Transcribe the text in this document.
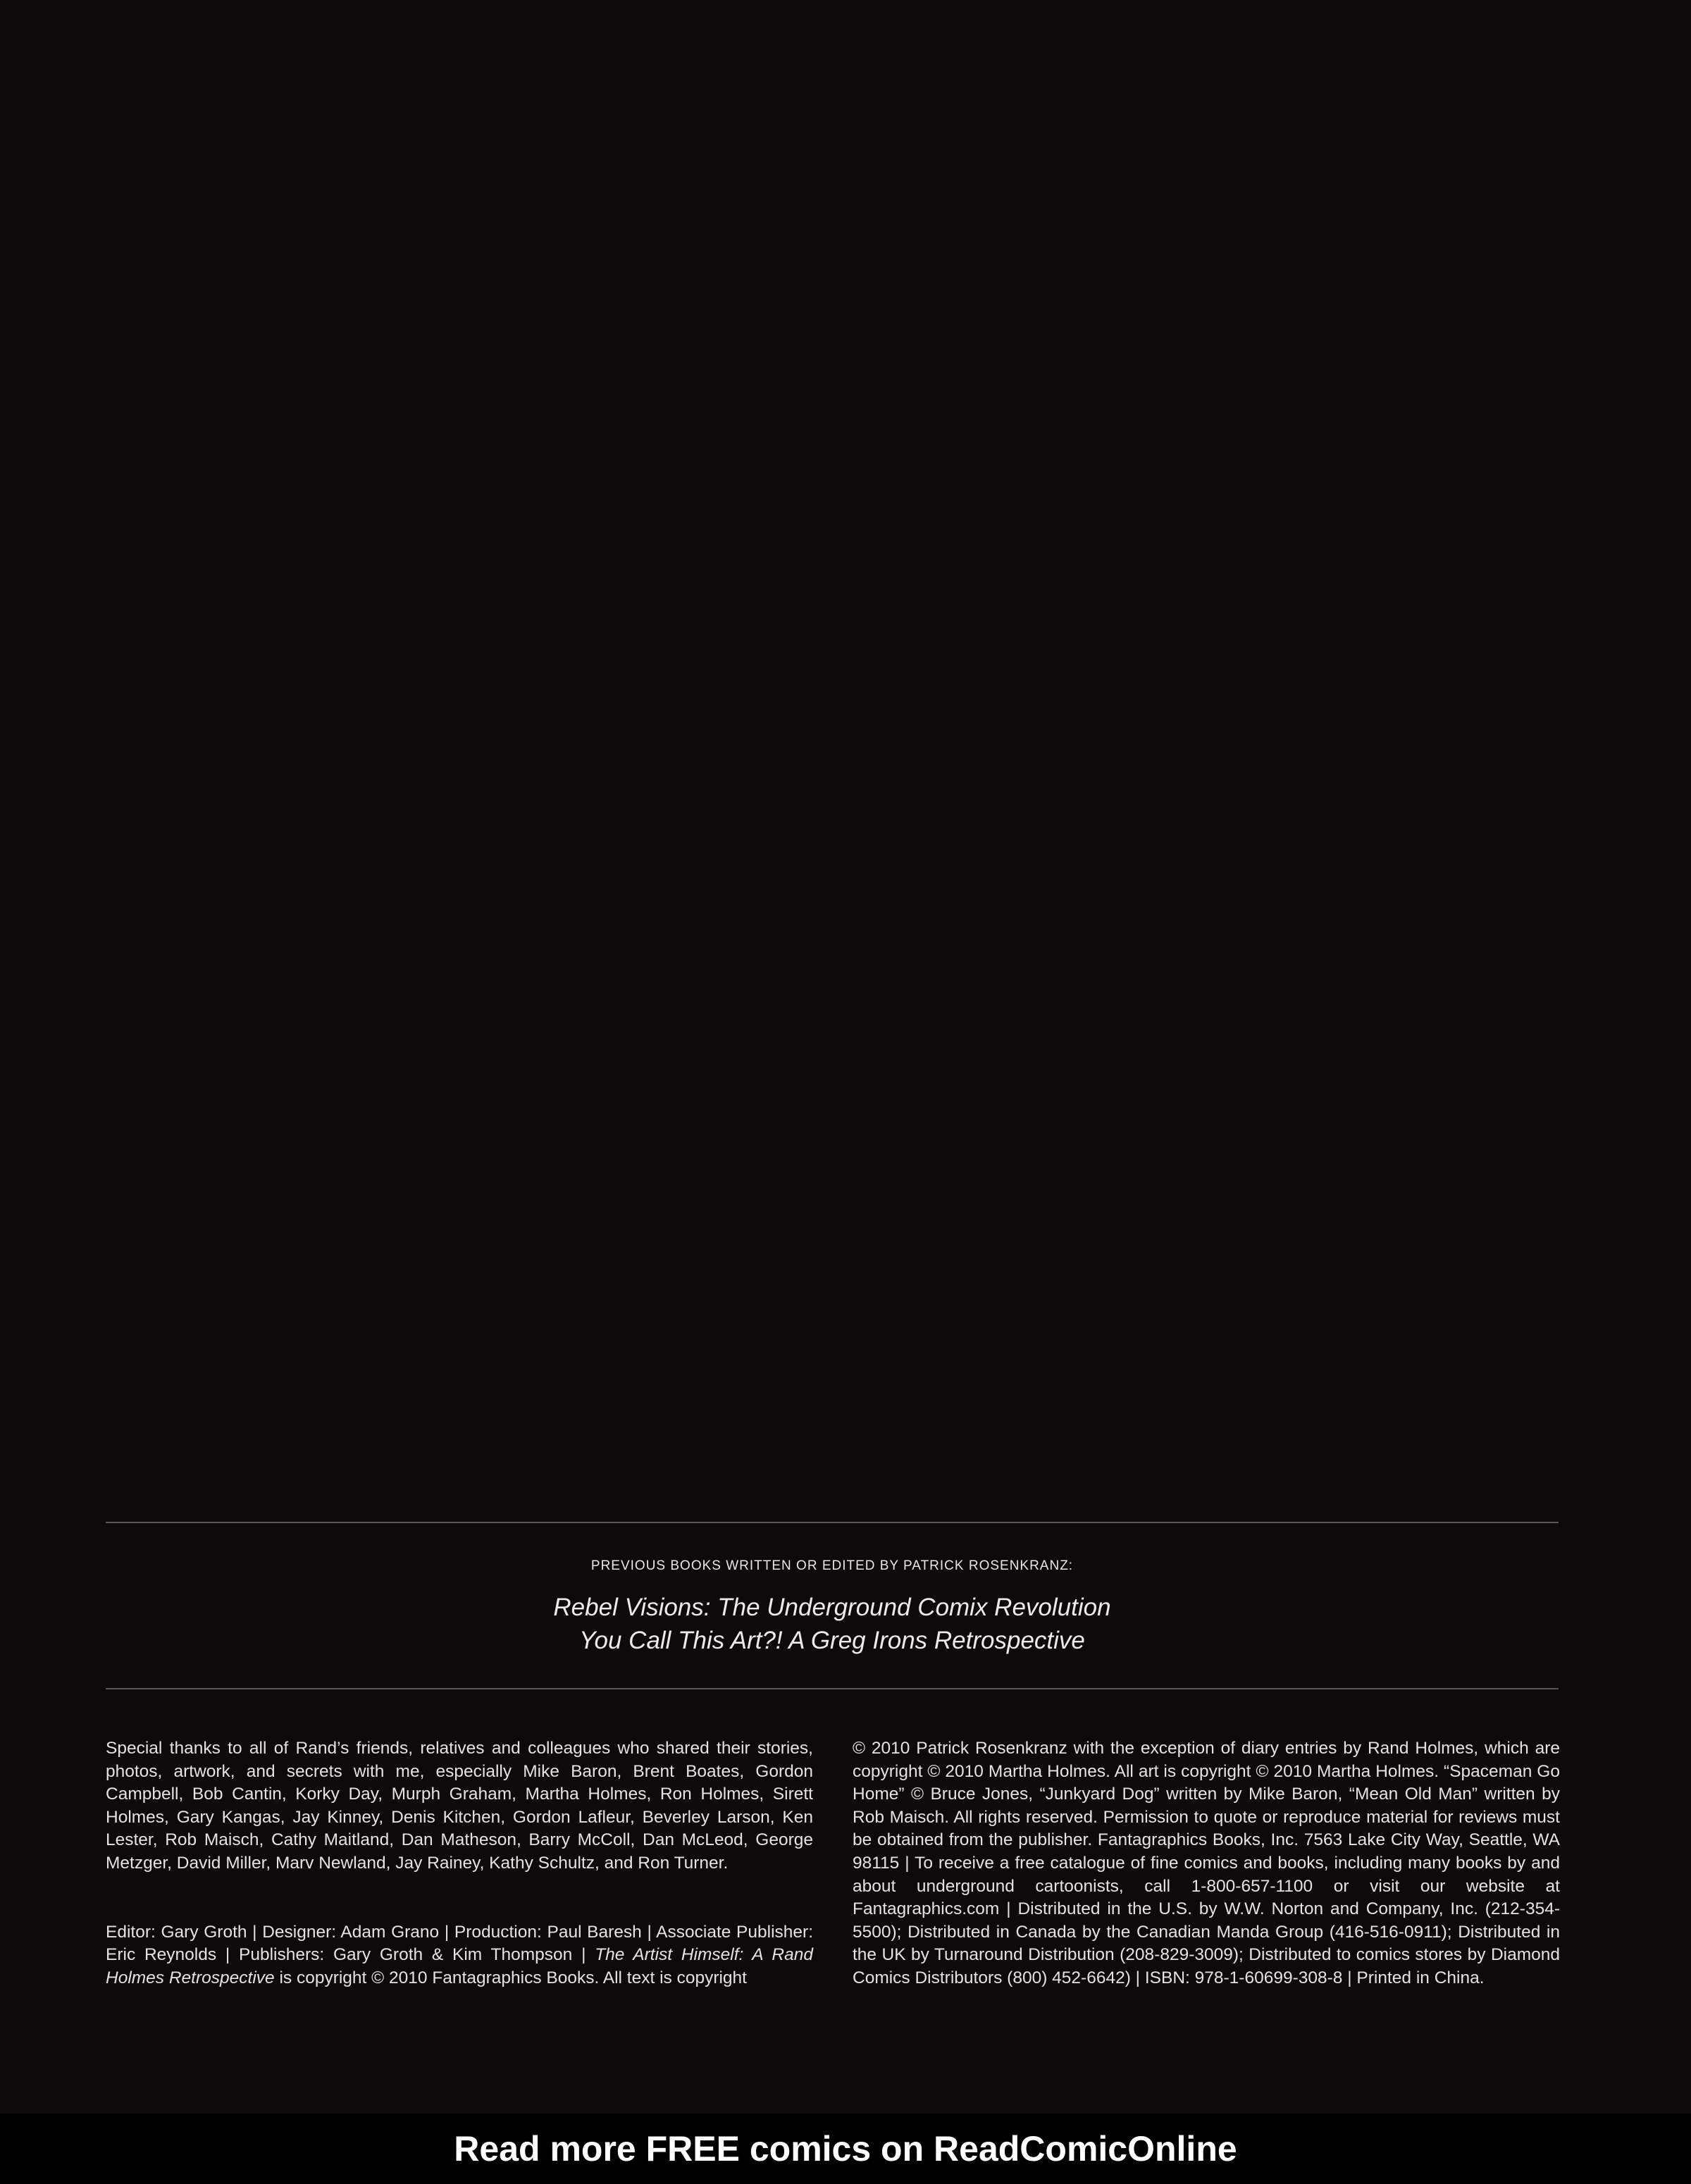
PREVIOUS BOOKS WRITTEN OR EDITED BY PATRICK ROSENKRANZ:
Rebel Visions: The Underground Comix Revolution
You Call This Art?! A Greg Irons Retrospective

Special thanks to all of Rand’s friends, relatives and colleagues who shared their stories, photos, artwork, and secrets with me, especially Mike Baron, Brent Boates, Gordon Campbell, Bob Cantin, Korky Day, Murph Graham, Martha Holmes, Ron Holmes, Sirett Holmes, Gary Kangas, Jay Kinney, Denis Kitchen, Gordon Lafleur, Beverley Larson, Ken Lester, Rob Maisch, Cathy Maitland, Dan Matheson, Barry McColl, Dan McLeod, George Metzger, David Miller, Marv Newland, Jay Rainey, Kathy Schultz, and Ron Turner.

Editor: Gary Groth | Designer: Adam Grano | Production: Paul Baresh | Associate Publisher: Eric Reynolds | Publishers: Gary Groth & Kim Thompson | The Artist Himself: A Rand Holmes Retrospective is copyright © 2010 Fantagraphics Books. All text is copyright

© 2010 Patrick Rosenkranz with the exception of diary entries by Rand Holmes, which are copyright © 2010 Martha Holmes. All art is copyright © 2010 Martha Holmes. “Spaceman Go Home” © Bruce Jones, “Junkyard Dog” written by Mike Baron, “Mean Old Man” written by Rob Maisch. All rights reserved. Permission to quote or reproduce material for reviews must be obtained from the publisher. Fantagraphics Books, Inc. 7563 Lake City Way, Seattle, WA 98115 | To receive a free catalogue of fine comics and books, including many books by and about underground cartoonists, call 1-800-657-1100 or visit our website at Fantagraphics.com | Distributed in the U.S. by W.W. Norton and Company, Inc. (212-354-5500); Distributed in Canada by the Canadian Manda Group (416-516-0911); Distributed in the UK by Turnaround Distribution (208-829-3009); Distributed to comics stores by Diamond Comics Distributors (800) 452-6642) | ISBN: 978-1-60699-308-8 | Printed in China.

Read more FREE comics on ReadComicOnline
